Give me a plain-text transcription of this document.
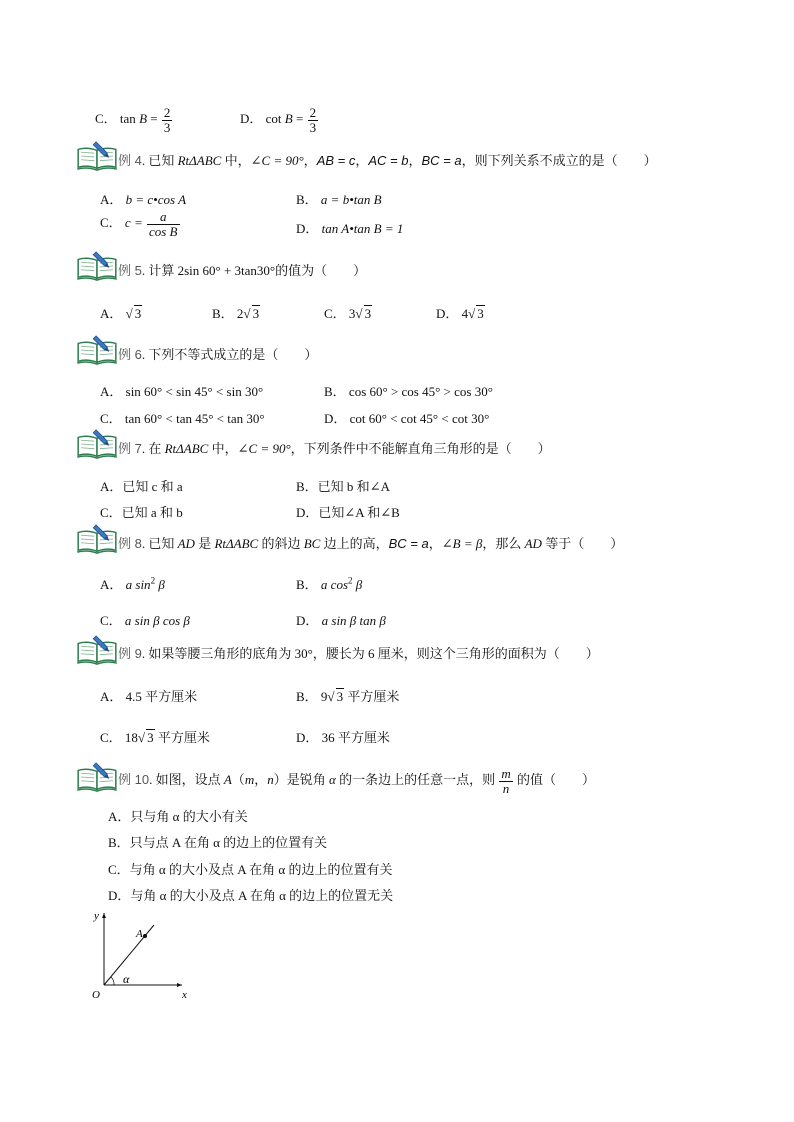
C． $\tan B = \frac{2}{3}$	D． $\cot B = \frac{2}{3}$
例 4. 已知 RtΔABC 中，∠C = 90°，AB = c，AC = b，BC = a，则下列关系不成立的是（　　）
A． b = c•cos A	B． a = b•tan B
C． $c = \frac{a}{\text{cos B}}$	D． tan A•tan B = 1
例 5. 计算 2sin 60° + 3tan30°的值为（　　）
A． √ 3	B． 2√ 3	C． 3√ 3	D． 4√ 3
例 6. 下列不等式成立的是（　　）
A． sin 60° < sin 45° < sin 30°	B． cos 60° > cos 45° > cos 30°
C． tan 60° < tan 45° < tan 30°	D． cot 60° < cot 45° < cot 30°
例 7. 在 RtΔABC 中，∠C = 90°，下列条件中不能解直角三角形的是（　　）
A．已知 c 和 a	B．已知 b 和∠A
C．已知 a 和 b	D．已知∠A 和∠B
例 8. 已知 AD 是 RtΔABC 的斜边 BC 边上的高，BC = a，∠B = β，那么 AD 等于（　　）
A． a $\sin^2 \beta$	B． a $\cos^2 \beta$
C． a sin β cos β	D． a sin β tan β
例 9. 如果等腰三角形的底角为 30°，腰长为 6 厘米，则这个三角形的面积为（　　）
A． 4.5 平方厘米	B． 9√ 3 平方厘米
C． 18√ 3 平方厘米	D． 36 平方厘米
例 10. 如图，设点 A（m，n）是锐角 α 的一条边上的任意一点，则 $\frac{m}{n}$ 的值（　　）
A．只与角 α 的大小有关
B．只与点 A 在角 α 的边上的位置有关
C．与角 α 的大小及点 A 在角 α 的边上的位置有关
D．与角 α 的大小及点 A 在角 α 的边上的位置无关
y
x
O
A
α
